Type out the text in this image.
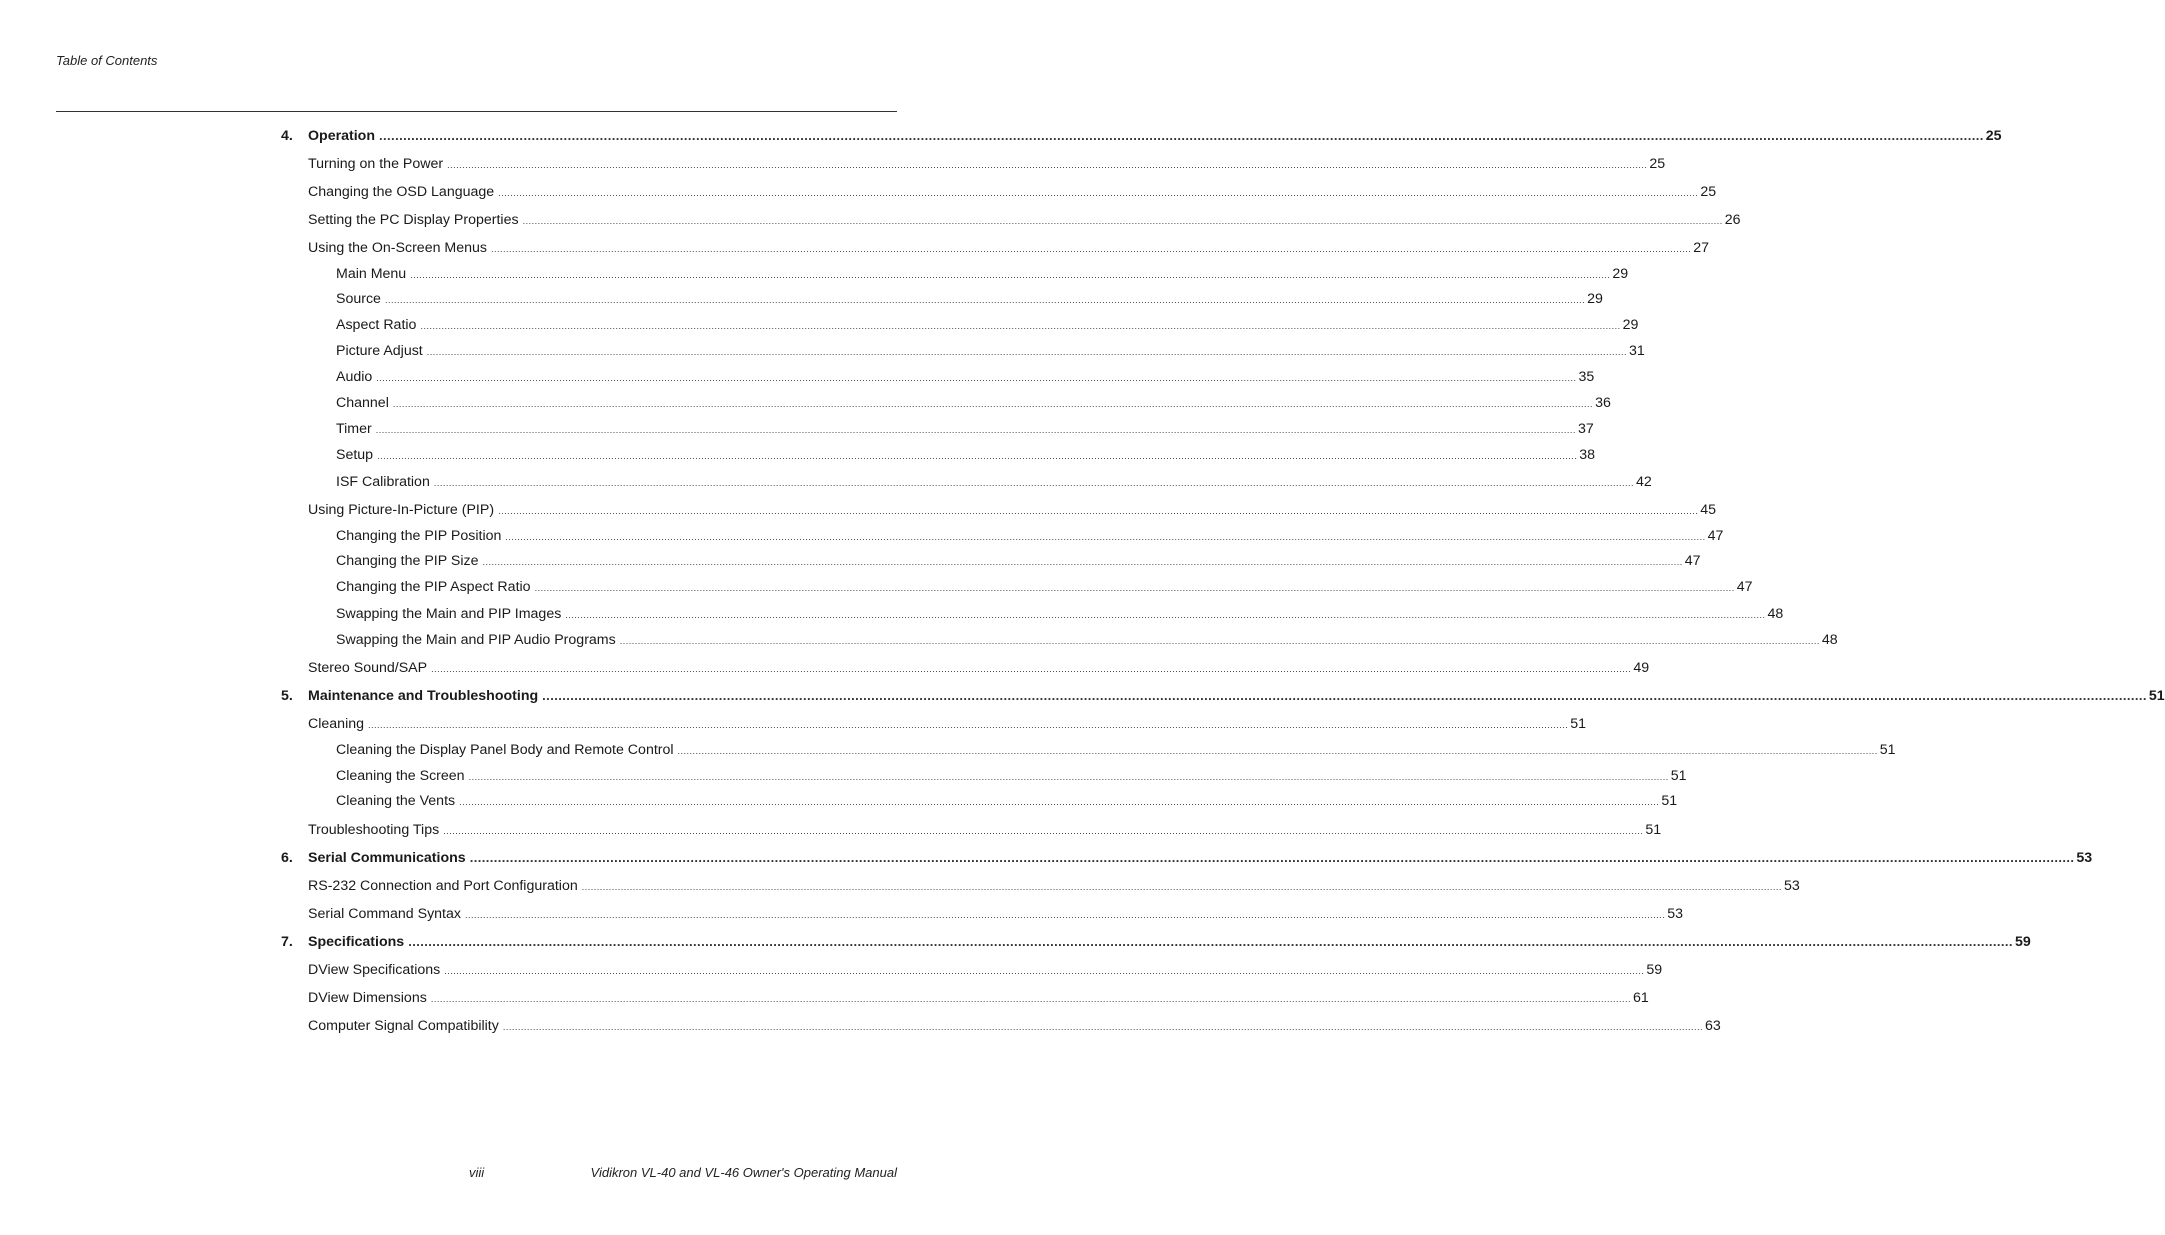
Table of Contents
4. Operation ................................................................................................................................................................................................................................................................................................................................................................................................................ 25
Turning on the Power ................................................................................................................................................................................................................................................................................................................................................................................................................ 25
Changing the OSD Language ................................................................................................................................................................................................................................................................................................................................................................................................................ 25
Setting the PC Display Properties ................................................................................................................................................................................................................................................................................................................................................................................................................ 26
Using the On-Screen Menus ................................................................................................................................................................................................................................................................................................................................................................................................................ 27
Main Menu ................................................................................................................................................................................................................................................................................................................................................................................................................ 29
Source ................................................................................................................................................................................................................................................................................................................................................................................................................ 29
Aspect Ratio ................................................................................................................................................................................................................................................................................................................................................................................................................ 29
Picture Adjust ................................................................................................................................................................................................................................................................................................................................................................................................................ 31
Audio ................................................................................................................................................................................................................................................................................................................................................................................................................ 35
Channel ................................................................................................................................................................................................................................................................................................................................................................................................................ 36
Timer ................................................................................................................................................................................................................................................................................................................................................................................................................ 37
Setup ................................................................................................................................................................................................................................................................................................................................................................................................................ 38
ISF Calibration ................................................................................................................................................................................................................................................................................................................................................................................................................ 42
Using Picture-In-Picture (PIP) ................................................................................................................................................................................................................................................................................................................................................................................................................ 45
Changing the PIP Position ................................................................................................................................................................................................................................................................................................................................................................................................................ 47
Changing the PIP Size ................................................................................................................................................................................................................................................................................................................................................................................................................ 47
Changing the PIP Aspect Ratio ................................................................................................................................................................................................................................................................................................................................................................................................................ 47
Swapping the Main and PIP Images ................................................................................................................................................................................................................................................................................................................................................................................................................ 48
Swapping the Main and PIP Audio Programs ................................................................................................................................................................................................................................................................................................................................................................................................................ 48
Stereo Sound/SAP ................................................................................................................................................................................................................................................................................................................................................................................................................ 49
5. Maintenance and Troubleshooting ................................................................................................................................................................................................................................................................................................................................................................................................................ 51
Cleaning ................................................................................................................................................................................................................................................................................................................................................................................................................ 51
Cleaning the Display Panel Body and Remote Control ................................................................................................................................................................................................................................................................................................................................................................................................................ 51
Cleaning the Screen ................................................................................................................................................................................................................................................................................................................................................................................................................ 51
Cleaning the Vents ................................................................................................................................................................................................................................................................................................................................................................................................................ 51
Troubleshooting Tips ................................................................................................................................................................................................................................................................................................................................................................................................................ 51
6. Serial Communications ................................................................................................................................................................................................................................................................................................................................................................................................................ 53
RS-232 Connection and Port Configuration ................................................................................................................................................................................................................................................................................................................................................................................................................ 53
Serial Command Syntax ................................................................................................................................................................................................................................................................................................................................................................................................................ 53
7. Specifications ................................................................................................................................................................................................................................................................................................................................................................................................................ 59
DView Specifications ................................................................................................................................................................................................................................................................................................................................................................................................................ 59
DView Dimensions ................................................................................................................................................................................................................................................................................................................................................................................................................ 61
Computer Signal Compatibility ................................................................................................................................................................................................................................................................................................................................................................................................................ 63
viii	Vidikron VL-40 and VL-46 Owner's Operating Manual
